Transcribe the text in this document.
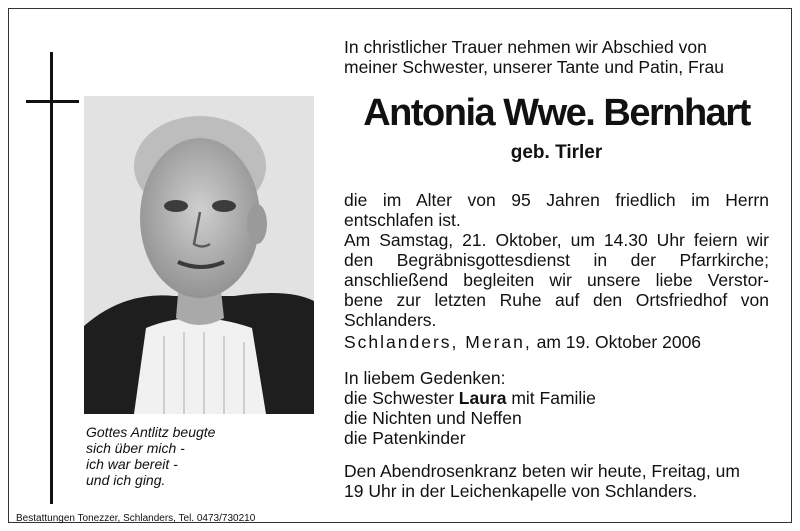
Gottes Antlitz beugte
sich über mich -
ich war bereit -
und ich ging.
In christlicher Trauer nehmen wir Abschied von
meiner Schwester, unserer Tante und Patin, Frau
Antonia Wwe. Bernhart
geb. Tirler
die im Alter von 95 Jahren friedlich im Herrn
entschlafen ist.
Am Samstag, 21. Oktober, um 14.30 Uhr feiern wir
den Begräbnisgottesdienst in der Pfarrkirche;
anschließend begleiten wir unsere liebe Verstor-
bene zur letzten Ruhe auf den Ortsfriedhof von
Schlanders.
Schlanders, Meran, am 19. Oktober 2006
In liebem Gedenken:
die Schwester Laura mit Familie
die Nichten und Neffen
die Patenkinder
Den Abendrosenkranz beten wir heute, Freitag, um
19 Uhr in der Leichenkapelle von Schlanders.
Bestattungen Tonezzer, Schlanders, Tel. 0473/730210
